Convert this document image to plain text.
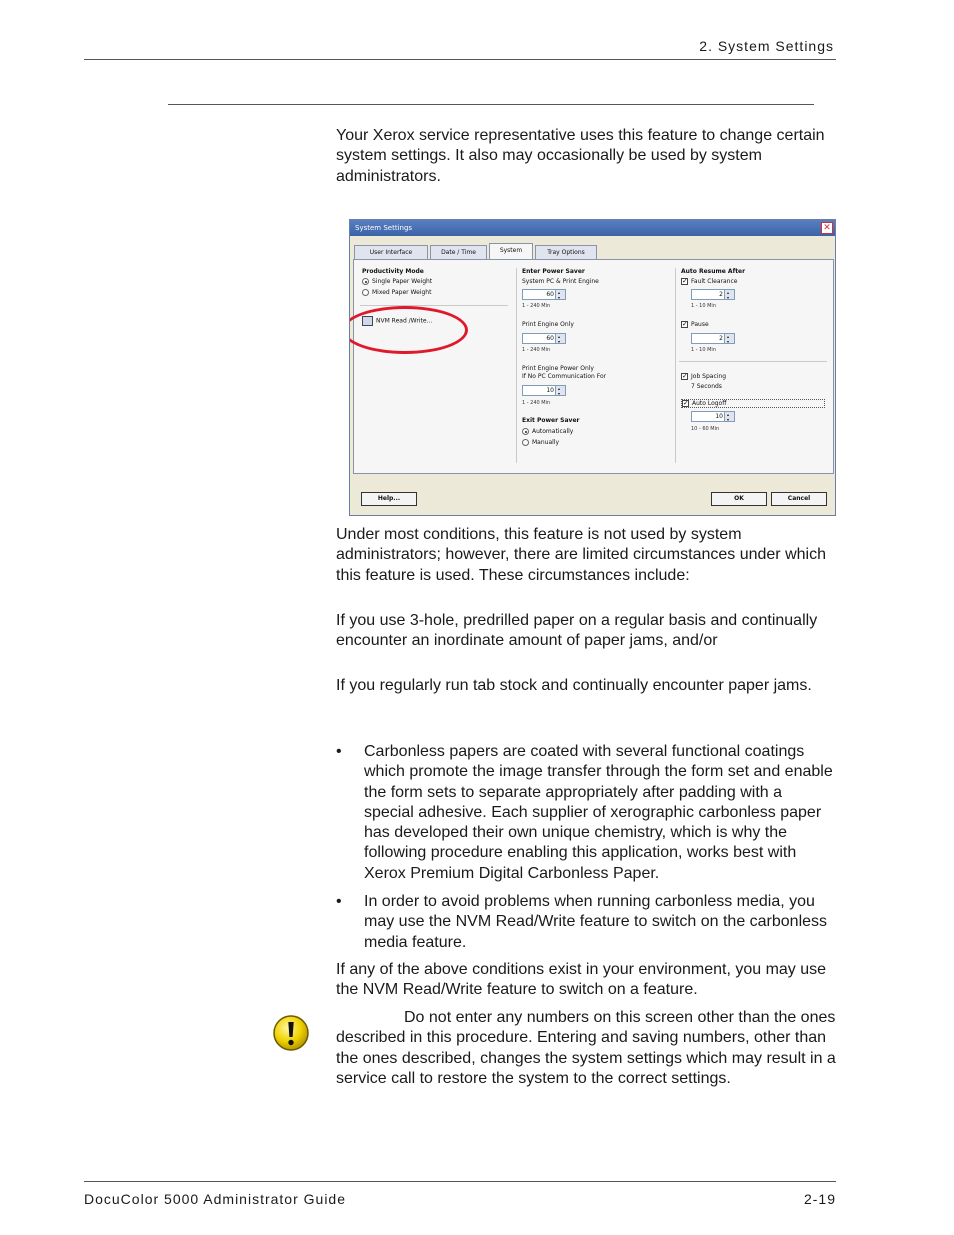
2. System Settings
Your Xerox service representative uses this feature to change certain system settings. It also may occasionally be used by system administrators.
System Settings	✕
User Interface	Date / Time	System	Tray Options
Productivity Mode
Single Paper Weight
Mixed Paper Weight
NVM Read /Write...
Enter Power Saver
System PC & Print Engine
60 ▴▾
1 - 240 Min
Print Engine Only
60 ▴▾
1 - 240 Min
Print Engine Power Only
If No PC Communication For
10 ▴▾
1 - 240 Min
Exit Power Saver
Automatically
Manually
Auto Resume After
✓ Fault Clearance
2 ▴▾
1 - 10 Min
✓ Pause
2 ▴▾
1 - 10 Min
✓ Job Spacing
7 Seconds
✓ Auto Logoff
10 ▴▾
10 - 60 Min
Help...	OK	Cancel
Under most conditions, this feature is not used by system administrators; however, there are limited circumstances under which this feature is used. These circumstances include:
If you use 3-hole, predrilled paper on a regular basis and continually encounter an inordinate amount of paper jams, and/or
If you regularly run tab stock and continually encounter paper jams.
• Carbonless papers are coated with several functional coatings which promote the image transfer through the form set and enable the form sets to separate appropriately after padding with a special adhesive. Each supplier of xerographic carbonless paper has developed their own unique chemistry, which is why the following procedure enabling this application, works best with Xerox Premium Digital Carbonless Paper.
• In order to avoid problems when running carbonless media, you may use the NVM Read/Write feature to switch on the carbonless media feature.
If any of the above conditions exist in your environment, you may use the NVM Read/Write feature to switch on a feature.
Do not enter any numbers on this screen other than the ones described in this procedure. Entering and saving numbers, other than the ones described, changes the system settings which may result in a service call to restore the system to the correct settings.
DocuColor 5000 Administrator Guide	2-19
